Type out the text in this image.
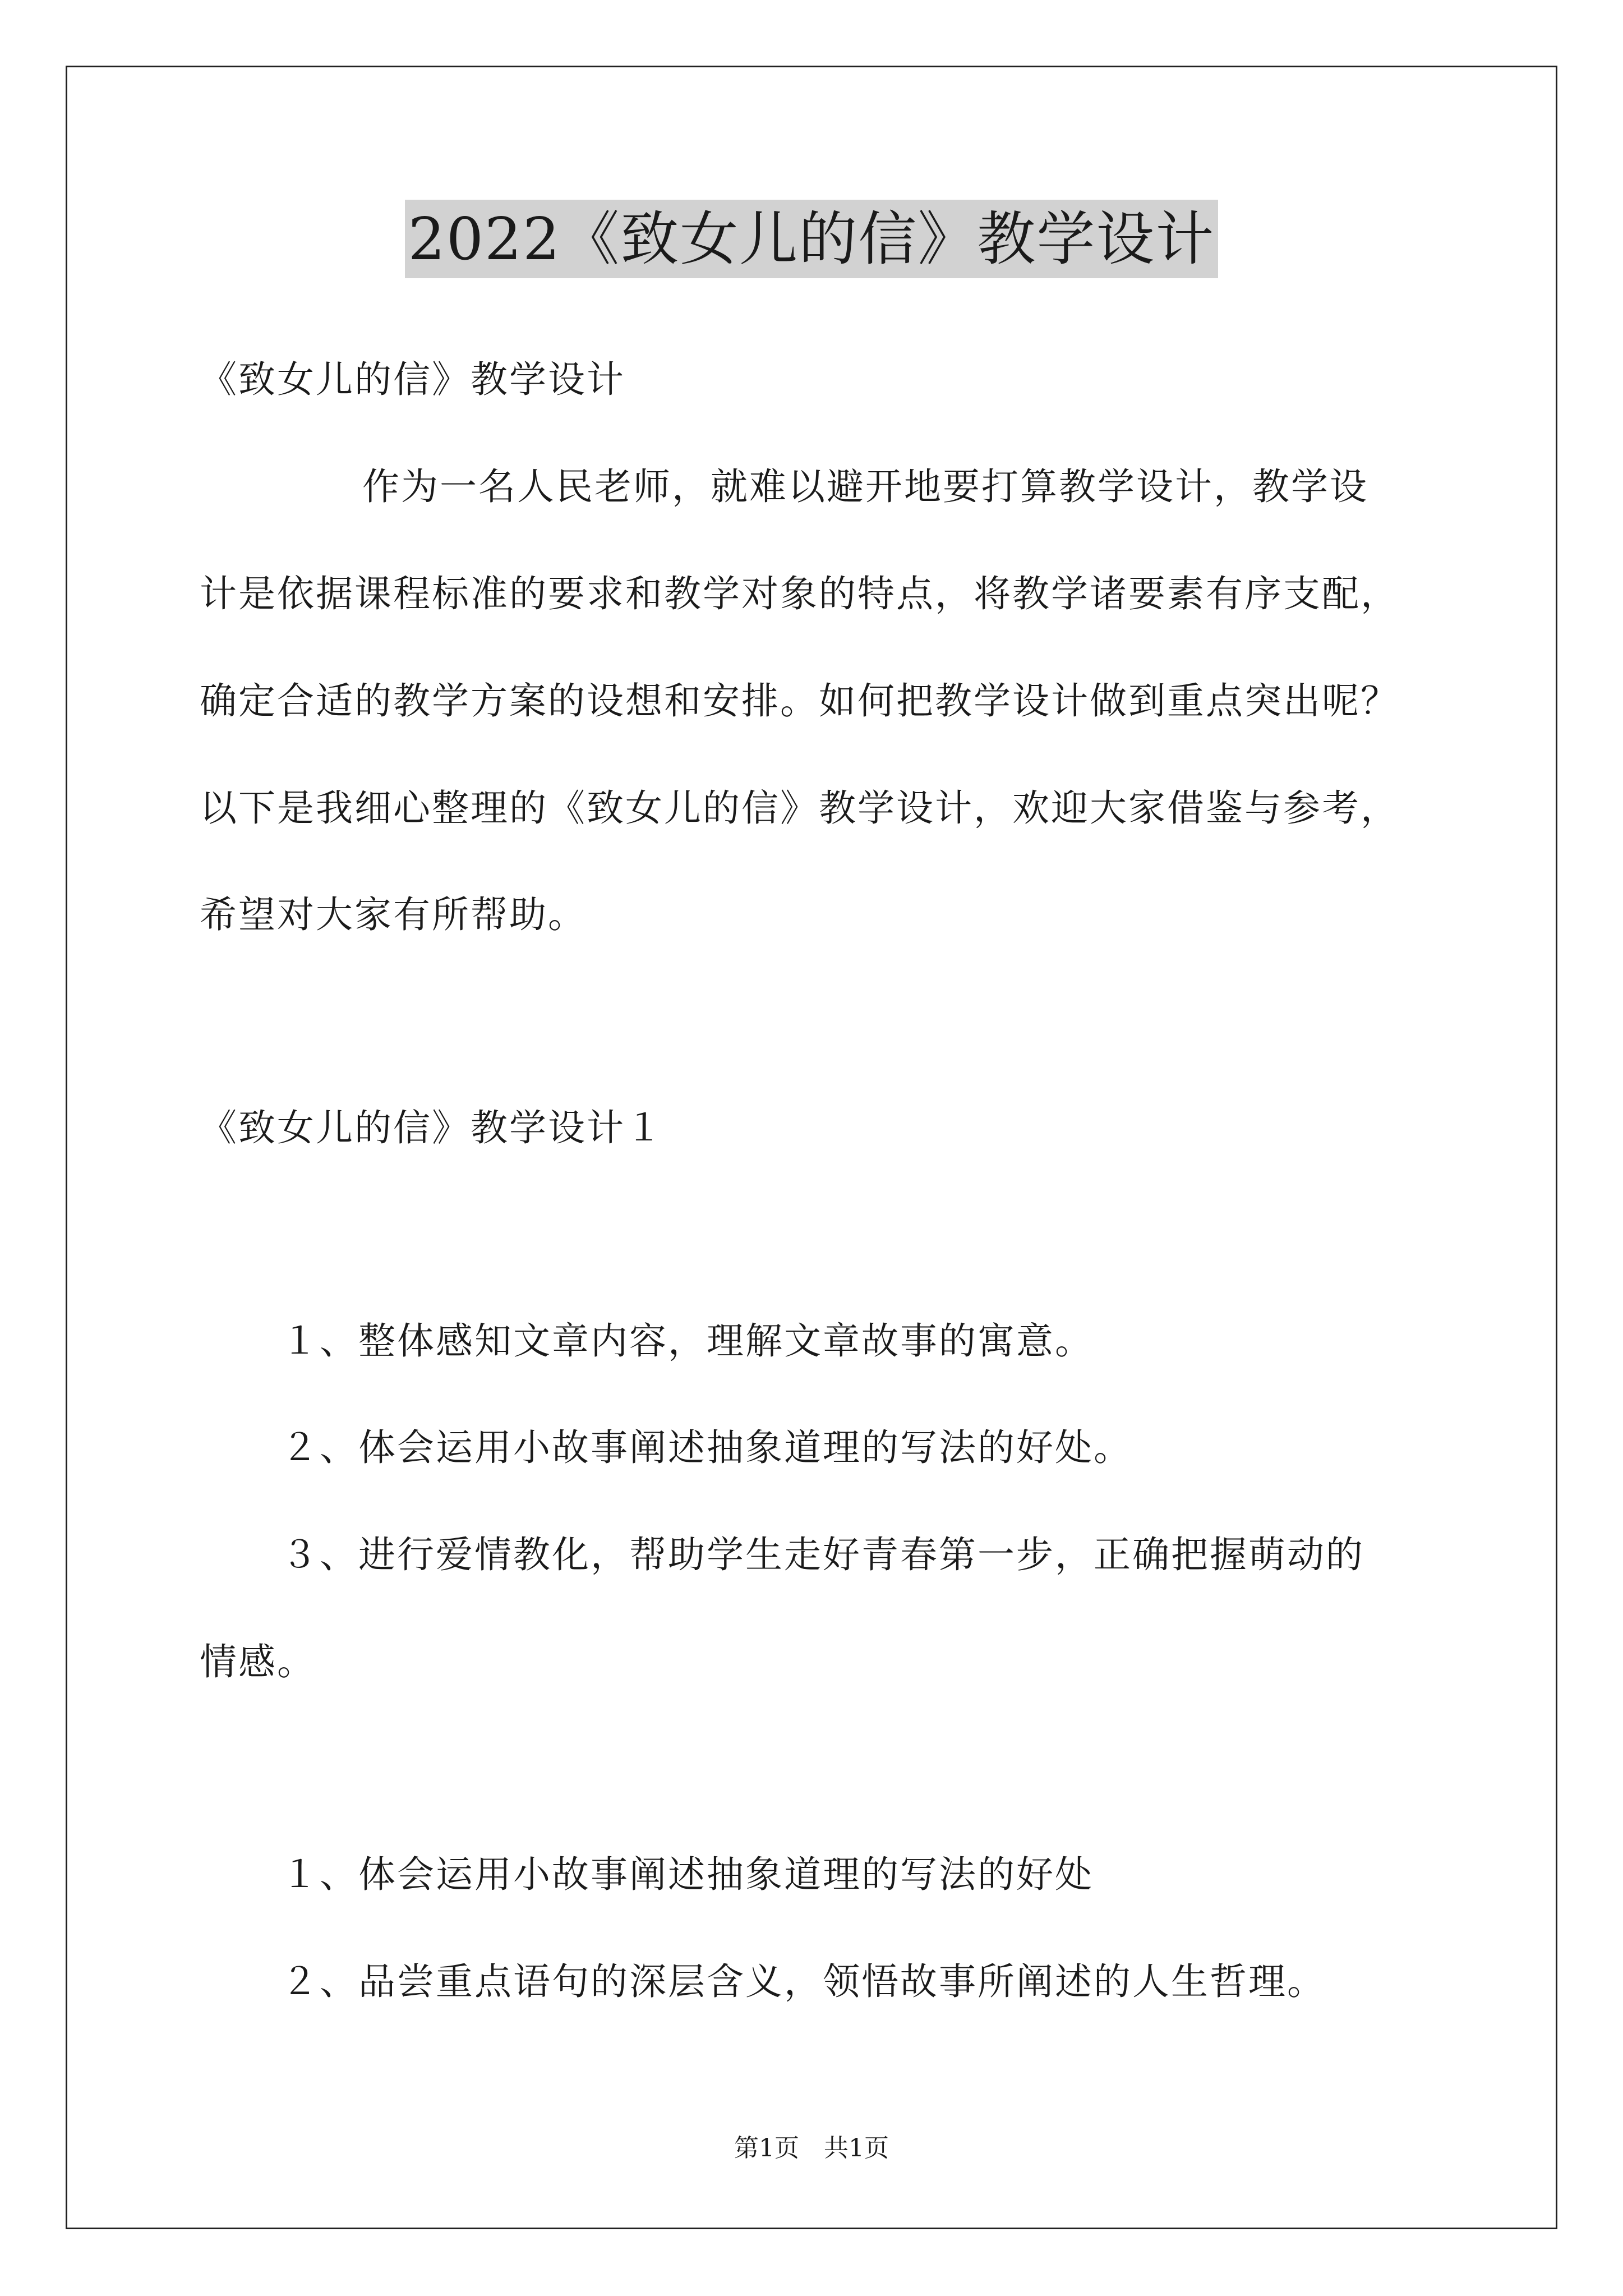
2022《致女儿的信》教学设计
《致女儿的信》教学设计
作为一名人民老师，就难以避开地要打算教学设计，教学设
计是依据课程标准的要求和教学对象的特点，将教学诸要素有序支配，
确定合适的教学方案的设想和安排。如何把教学设计做到重点突出呢？
以下是我细心整理的《致女儿的信》教学设计，欢迎大家借鉴与参考，
希望对大家有所帮助。
《致女儿的信》教学设计１
１、整体感知文章内容，理解文章故事的寓意。
２、体会运用小故事阐述抽象道理的写法的好处。
３、进行爱情教化，帮助学生走好青春第一步，正确把握萌动的
情感。
１、体会运用小故事阐述抽象道理的写法的好处
２、品尝重点语句的深层含义，领悟故事所阐述的人生哲理。
第1页 共1页
